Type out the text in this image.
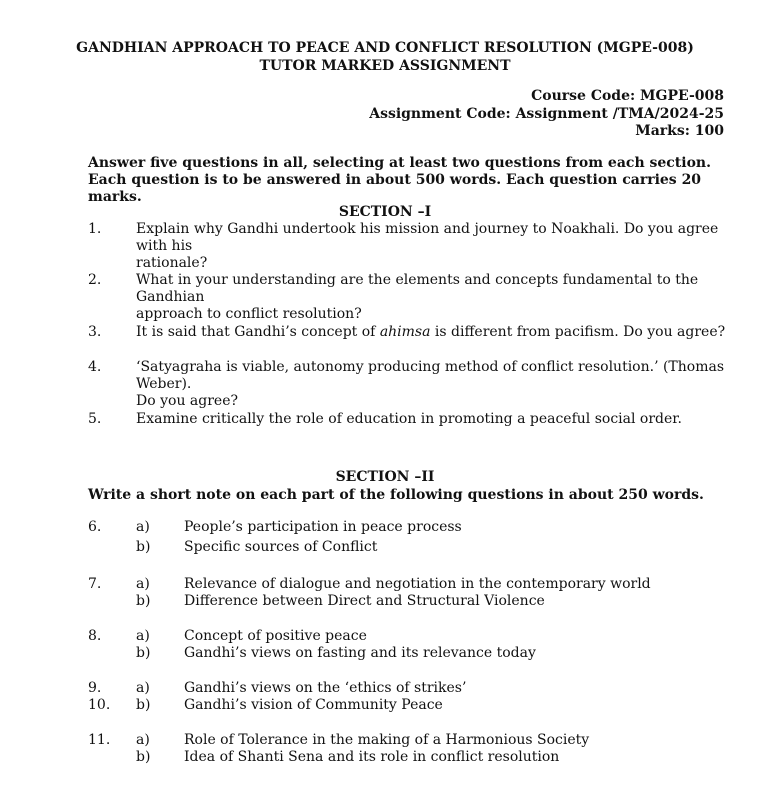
GANDHIAN APPROACH TO PEACE AND CONFLICT RESOLUTION (MGPE-008)
TUTOR MARKED ASSIGNMENT
Course Code: MGPE-008
Assignment Code: Assignment /TMA/2024-25
Marks: 100
Answer five questions in all, selecting at least two questions from each section. Each question is to be answered in about 500 words. Each question carries 20 marks.
SECTION –I
1. Explain why Gandhi undertook his mission and journey to Noakhali. Do you agree with his
rationale?
2. What in your understanding are the elements and concepts fundamental to the Gandhian
approach to conflict resolution?
3. It is said that Gandhi’s concept of ahimsa is different from pacifism. Do you agree?
4. ‘Satyagraha is viable, autonomy producing method of conflict resolution.’ (Thomas Weber).
Do you agree?
5. Examine critically the role of education in promoting a peaceful social order.
SECTION –II
Write a short note on each part of the following questions in about 250 words.
6. a) People’s participation in peace process
b) Specific sources of Conflict
7. a) Relevance of dialogue and negotiation in the contemporary world
b) Difference between Direct and Structural Violence
8. a) Concept of positive peace
b) Gandhi’s views on fasting and its relevance today
9. a) Gandhi’s views on the ‘ethics of strikes’
10. b) Gandhi’s vision of Community Peace
11. a) Role of Tolerance in the making of a Harmonious Society
b) Idea of Shanti Sena and its role in conflict resolution
